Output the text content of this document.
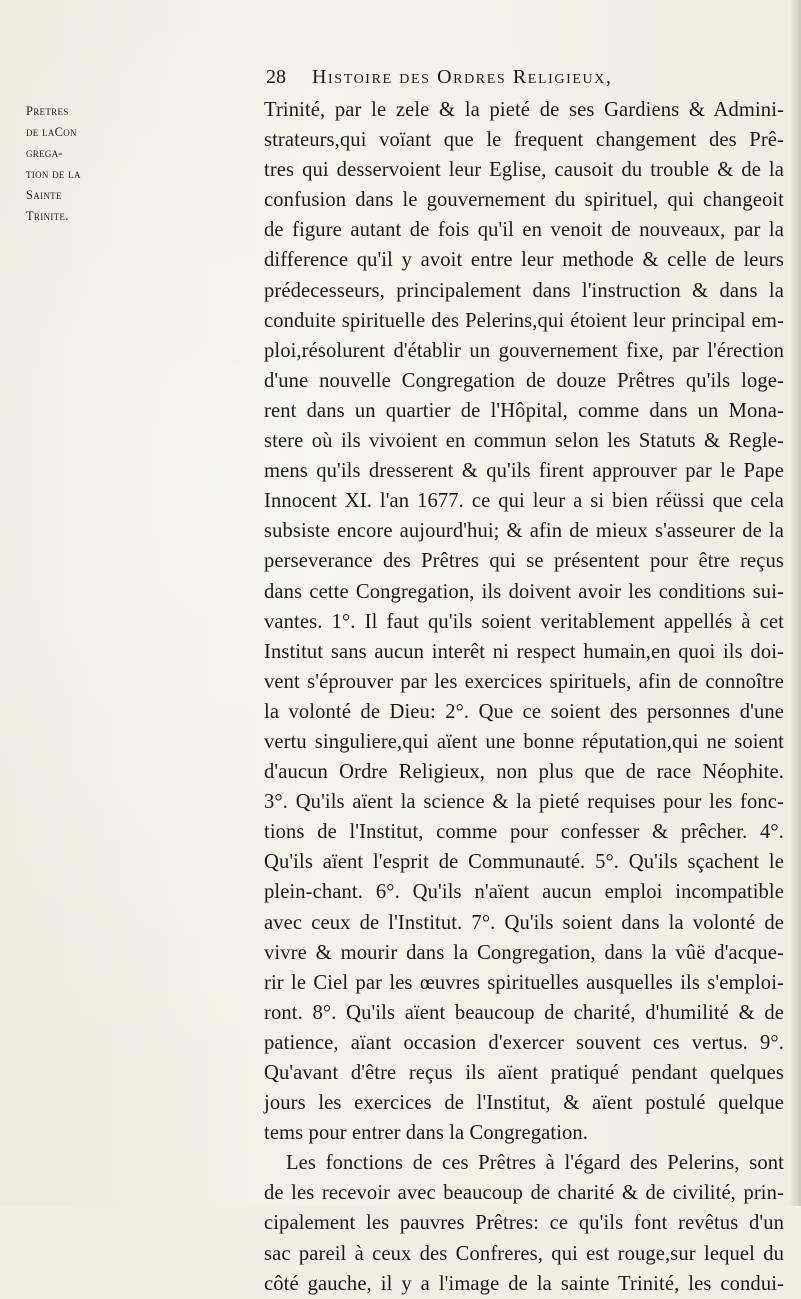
28 Histoire des Ordres Religieux,
Pretres
de laCon
grega-
tion de la
Sainte
Trinite.
Trinité, par le zele & la pieté de ses Gardiens & Admini-
strateurs,qui voïant que le frequent changement des Prê-
tres qui desservoient leur Eglise, causoit du trouble & de la
confusion dans le gouvernement du spirituel, qui changeoit
de figure autant de fois qu'il en venoit de nouveaux, par la
difference qu'il y avoit entre leur methode & celle de leurs
prédecesseurs, principalement dans l'instruction & dans la
conduite spirituelle des Pelerins,qui étoient leur principal em-
ploi,résolurent d'établir un gouvernement fixe, par l'érection
d'une nouvelle Congregation de douze Prêtres qu'ils loge-
rent dans un quartier de l'Hôpital, comme dans un Mona-
stere où ils vivoient en commun selon les Statuts & Regle-
mens qu'ils dresserent & qu'ils firent approuver par le Pape
Innocent XI. l'an 1677. ce qui leur a si bien réüssi que cela
subsiste encore aujourd'hui; & afin de mieux s'asseurer de la
perseverance des Prêtres qui se présentent pour être reçus
dans cette Congregation, ils doivent avoir les conditions sui-
vantes. 1°. Il faut qu'ils soient veritablement appellés à cet
Institut sans aucun interêt ni respect humain,en quoi ils doi-
vent s'éprouver par les exercices spirituels, afin de connoître
la volonté de Dieu: 2°. Que ce soient des personnes d'une
vertu singuliere,qui aïent une bonne réputation,qui ne soient
d'aucun Ordre Religieux, non plus que de race Néophite.
3°. Qu'ils aïent la science & la pieté requises pour les fonc-
tions de l'Institut, comme pour confesser & prêcher. 4°.
Qu'ils aïent l'esprit de Communauté. 5°. Qu'ils sçachent le
plein-chant. 6°. Qu'ils n'aïent aucun emploi incompatible
avec ceux de l'Institut. 7°. Qu'ils soient dans la volonté de
vivre & mourir dans la Congregation, dans la vûë d'acque-
rir le Ciel par les œuvres spirituelles ausquelles ils s'emploi-
ront. 8°. Qu'ils aïent beaucoup de charité, d'humilité & de
patience, aïant occasion d'exercer souvent ces vertus. 9°.
Qu'avant d'être reçus ils aïent pratiqué pendant quelques
jours les exercices de l'Institut, & aïent postulé quelque
tems pour entrer dans la Congregation.
Les fonctions de ces Prêtres à l'égard des Pelerins, sont
de les recevoir avec beaucoup de charité & de civilité, prin-
cipalement les pauvres Prêtres: ce qu'ils font revêtus d'un
sac pareil à ceux des Confreres, qui est rouge,sur lequel du
côté gauche, il y a l'image de la sainte Trinité, les condui-
